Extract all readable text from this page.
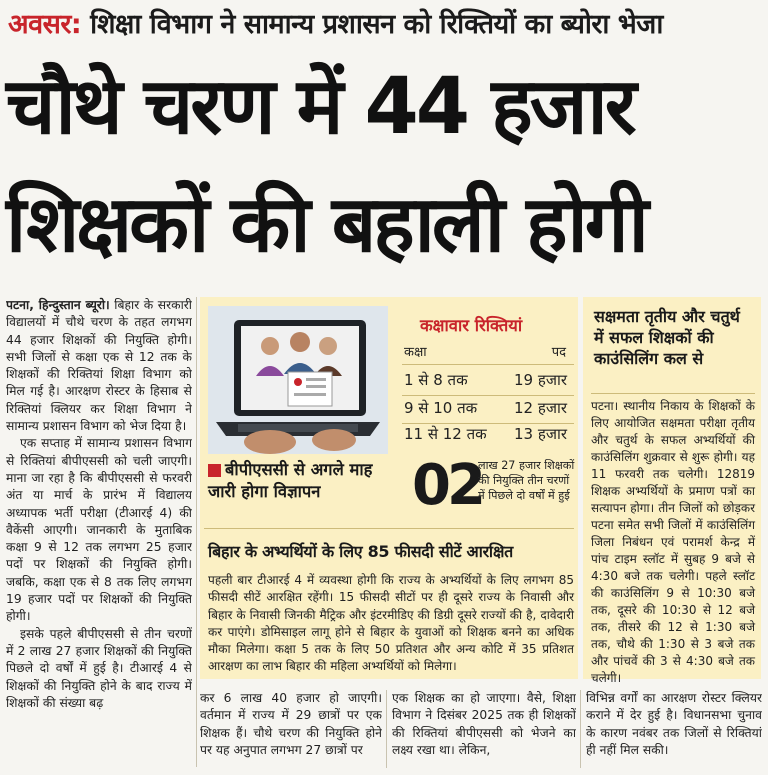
अवसर: शिक्षा विभाग ने सामान्य प्रशासन को रिक्तियों का ब्योरा भेजा
चौथे चरण में 44 हजार
शिक्षकों की बहाली होगी

पटना, हिन्दुस्तान ब्यूरो। बिहार के सरकारी विद्यालयों में चौथे चरण के तहत लगभग 44 हजार शिक्षकों की नियुक्ति होगी। सभी जिलों से कक्षा एक से 12 तक के शिक्षकों की रिक्तियां शिक्षा विभाग को मिल गई है। आरक्षण रोस्टर के हिसाब से रिक्तियां क्लियर कर शिक्षा विभाग ने सामान्य प्रशासन विभाग को भेज दिया है।

एक सप्ताह में सामान्य प्रशासन विभाग से रिक्तियां बीपीएससी को चली जाएगी। माना जा रहा है कि बीपीएससी से फरवरी अंत या मार्च के प्रारंभ में विद्यालय अध्यापक भर्ती परीक्षा (टीआरई 4) की वैकेंसी आएगी। जानकारी के मुताबिक कक्षा 9 से 12 तक लगभग 25 हजार पदों पर शिक्षकों की नियुक्ति होगी। जबकि, कक्षा एक से 8 तक लिए लगभग 19 हजार पदों पर शिक्षकों की नियुक्ति होगी।

इसके पहले बीपीएससी से तीन चरणों में 2 लाख 27 हजार शिक्षकों की नियुक्ति पिछले दो वर्षों में हुई है। टीआरई 4 से शिक्षकों की नियुक्ति होने के बाद राज्य में शिक्षकों की संख्या बढ़

बीपीएससी से अगले माह जारी होगा विज्ञापन
कक्षावार रिक्तियां
कक्षा	पद
1 से 8 तक	19 हजार
9 से 10 तक 12 हजार
11 से 12 तक 13 हजार
02
लाख 27 हजार शिक्षकों की नियुक्ति तीन चरणों में पिछले दो वर्षों में हुई
बिहार के अभ्यर्थियों के लिए 85 फीसदी सीटें आरक्षित
पहली बार टीआरई 4 में व्यवस्था होगी कि राज्य के अभ्यर्थियों के लिए लगभग 85 फीसदी सीटें आरक्षित रहेंगी। 15 फीसदी सीटों पर ही दूसरे राज्य के निवासी और बिहार के निवासी जिनकी मैट्रिक और इंटरमीडिए की डिग्री दूसरे राज्यों की है, दावेदारी कर पाएंगे। डोमिसाइल लागू होने से बिहार के युवाओं को शिक्षक बनने का अधिक मौका मिलेगा। कक्षा 5 तक के लिए 50 प्रतिशत और अन्य कोटि में 35 प्रतिशत आरक्षण का लाभ बिहार की महिला अभ्यर्थियों को मिलेगा।
सक्षमता तृतीय और चतुर्थ में सफल शिक्षकों की काउंसिलिंग कल से
पटना। स्थानीय निकाय के शिक्षकों के लिए आयोजित सक्षमता परीक्षा तृतीय और चतुर्थ के सफल अभ्यर्थियों की काउंसिलिंग शुक्रवार से शुरू होगी। यह 11 फरवरी तक चलेगी। 12819 शिक्षक अभ्यर्थियों के प्रमाण पत्रों का सत्यापन होगा। तीन जिलों को छोड़कर पटना समेत सभी जिलों में काउंसिलिंग जिला निबंधन एवं परामर्श केन्द्र में पांच टाइम स्लॉट में सुबह 9 बजे से 4:30 बजे तक चलेगी। पहले स्लॉट की काउंसिलिंग 9 से 10:30 बजे तक, दूसरे की 10:30 से 12 बजे तक, तीसरे की 12 से 1:30 बजे तक, चौथे की 1:30 से 3 बजे तक और पांचवें की 3 से 4:30 बजे तक चलेगी।
कर 6 लाख 40 हजार हो जाएगी। वर्तमान में राज्य में 29 छात्रों पर एक शिक्षक हैं। चौथे चरण की नियुक्ति होने पर यह अनुपात लगभग 27 छात्रों पर
एक शिक्षक का हो जाएगा। वैसे, शिक्षा विभाग ने दिसंबर 2025 तक ही शिक्षकों की रिक्तियां बीपीएससी को भेजने का लक्ष्य रखा था। लेकिन,
विभिन्न वर्गों का आरक्षण रोस्टर क्लियर कराने में देर हुई है। विधानसभा चुनाव के कारण नवंबर तक जिलों से रिक्तियां ही नहीं मिल सकी।
